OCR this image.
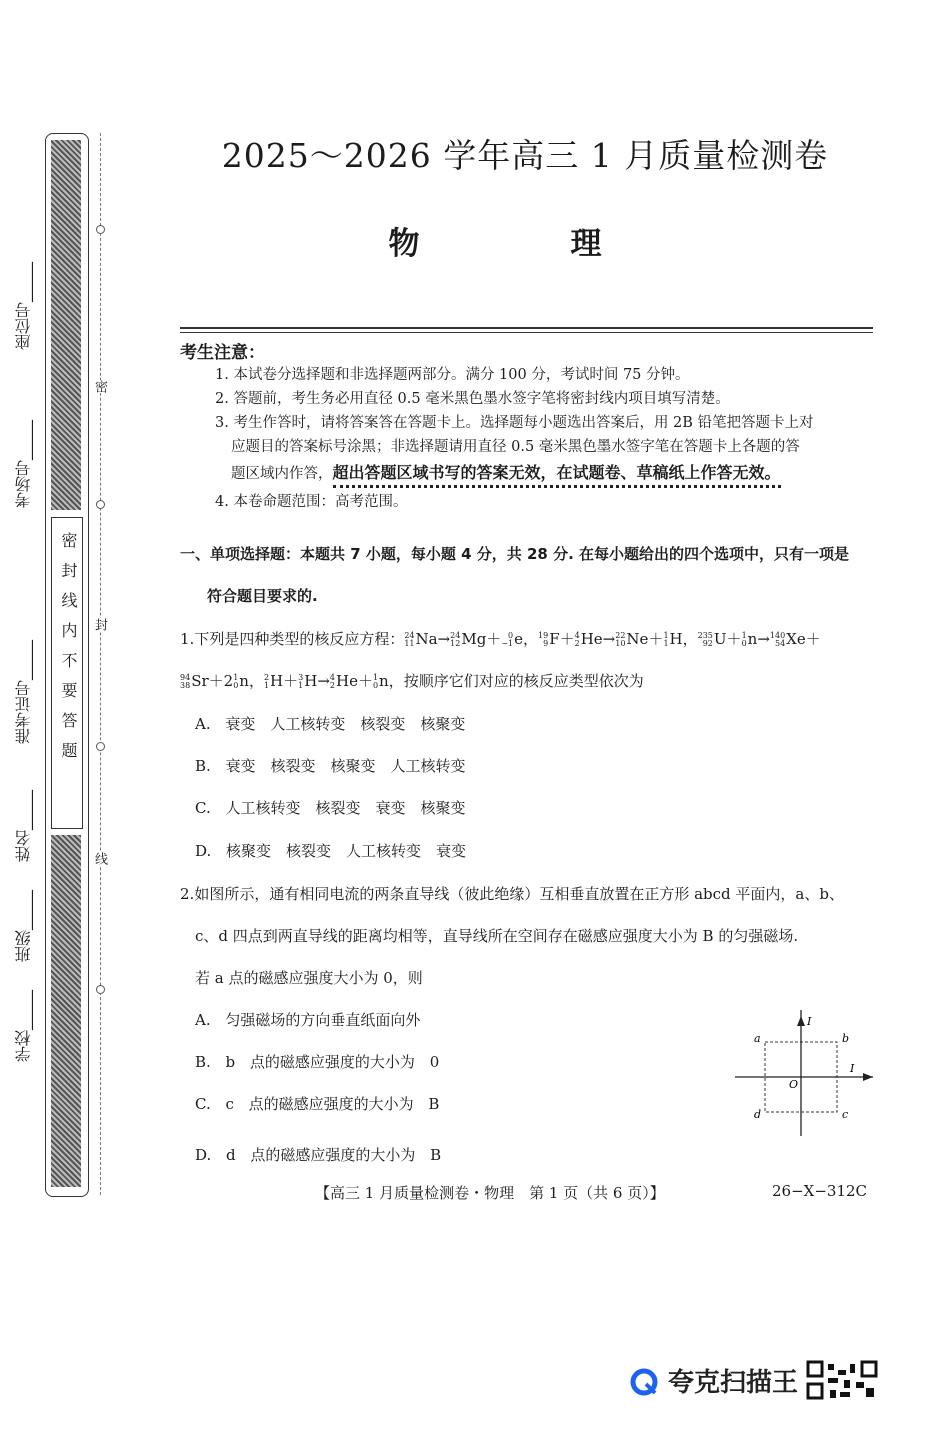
密封线内不要答题
密
封
线
学校_____
班级_____
姓名_____
准考证号_____
考场号_____
座位号_____
2025～2026 学年高三 1 月质量检测卷
物　理
考生注意：
1. 本试卷分选择题和非选择题两部分。满分 100 分，考试时间 75 分钟。
2. 答题前，考生务必用直径 0.5 毫米黑色墨水签字笔将密封线内项目填写清楚。
3. 考生作答时，请将答案答在答题卡上。选择题每小题选出答案后，用 2B 铅笔把答题卡上对
应题目的答案标号涂黑；非选择题请用直径 0.5 毫米黑色墨水签字笔在答题卡上各题的答
题区域内作答，超出答题区域书写的答案无效，在试题卷、草稿纸上作答无效。
4. 本卷命题范围：高考范围。
一、单项选择题：本题共 7 小题，每小题 4 分，共 28 分. 在每小题给出的四个选项中，只有一项是
符合题目要求的.
1.下列是四种类型的核反应方程： 24
11 Na→ 24
12 Mg＋ 0
−1 e， 19
9 F＋ 4
2 He→ 22
10 Ne＋ 1
1 H， 235
92 U＋ 1
0 n→ 140
54 Xe＋
94
38 Sr＋2 1
0 n， 2
1 H＋ 3
1 H→ 4
2 He＋ 1
0 n，按顺序它们对应的核反应类型依次为
A. 衰变　人工核转变　核裂变　核聚变
B. 衰变　核裂变　核聚变　人工核转变
C. 人工核转变　核裂变　衰变　核聚变
D. 核聚变　核裂变　人工核转变　衰变
2.如图所示，通有相同电流的两条直导线（彼此绝缘）互相垂直放置在正方形 abcd 平面内，a、b、
c、d 四点到两直导线的距离均相等，直导线所在空间存在磁感应强度大小为 B 的匀强磁场.
若 a 点的磁感应强度大小为 0，则
A. 匀强磁场的方向垂直纸面向外
B. b 点的磁感应强度的大小为 0
C. c 点的磁感应强度的大小为 B
D. d 点的磁感应强度的大小为 B
a	b
c
d
O
I
I
【高三 1 月质量检测卷・物理　第 1 页（共 6 页）】	26−X−312C
夸克扫描王
